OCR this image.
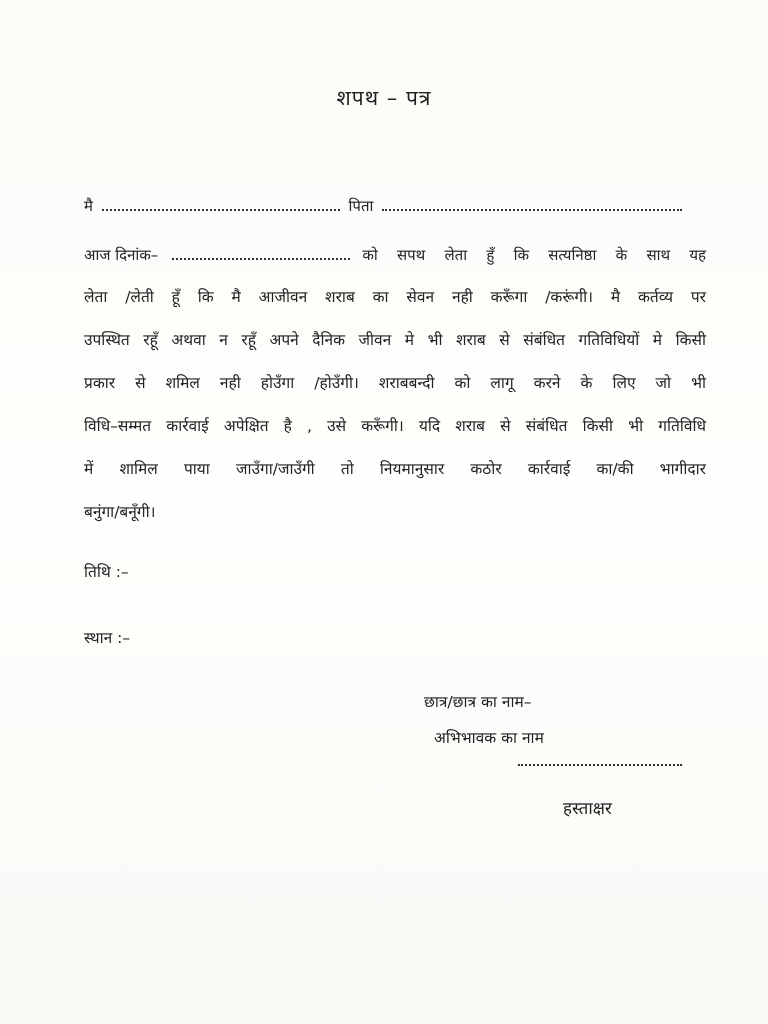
शपथ – पत्र
मै	पिता
आज दिनांक–	को सपथ लेता हुँ कि सत्यनिष्ठा के साथ यह
लेता /लेती हूँ कि मै आजीवन शराब का सेवन नही करूँगा /करूंगी। मै कर्तव्य पर
उपस्थित रहूँ अथवा न रहूँ अपने दैनिक जीवन मे भी शराब से संबंधित गतिविधियों मे किसी
प्रकार से शमिल नही होउँगा /होउँगी। शराबबन्दी को लागू करने के लिए जो भी
विधि–सम्मत कार्रवाई अपेक्षित है , उसे करूँगी। यदि शराब से संबंधित किसी भी गतिविधि
में शामिल पाया जाउँगा/जाउँगी तो नियमानुसार कठोर कार्रवाई का/की भागीदार
बनुंगा/बनूँगी।
तिथि :–
स्थान :–
छात्र/छात्र का नाम–
अभिभावक का नाम
हस्ताक्षर
